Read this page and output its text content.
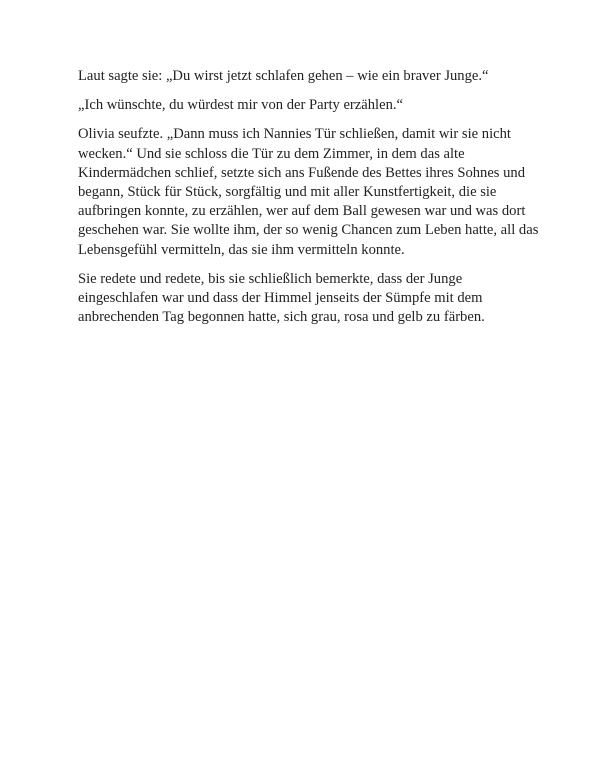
Laut sagte sie: „Du wirst jetzt schlafen gehen – wie ein braver Junge.“

„Ich wünschte, du würdest mir von der Party erzählen.“

Olivia seufzte. „Dann muss ich Nannies Tür schließen, damit wir sie nicht wecken.“ Und sie schloss die Tür zu dem Zimmer, in dem das alte Kindermädchen schlief, setzte sich ans Fußende des Bettes ihres Sohnes und begann, Stück für Stück, sorgfältig und mit aller Kunstfertigkeit, die sie aufbringen konnte, zu erzählen, wer auf dem Ball gewesen war und was dort geschehen war. Sie wollte ihm, der so wenig Chancen zum Leben hatte, all das Lebensgefühl vermitteln, das sie ihm vermitteln konnte.

Sie redete und redete, bis sie schließlich bemerkte, dass der Junge eingeschlafen war und dass der Himmel jenseits der Sümpfe mit dem anbrechenden Tag begonnen hatte, sich grau, rosa und gelb zu färben.
